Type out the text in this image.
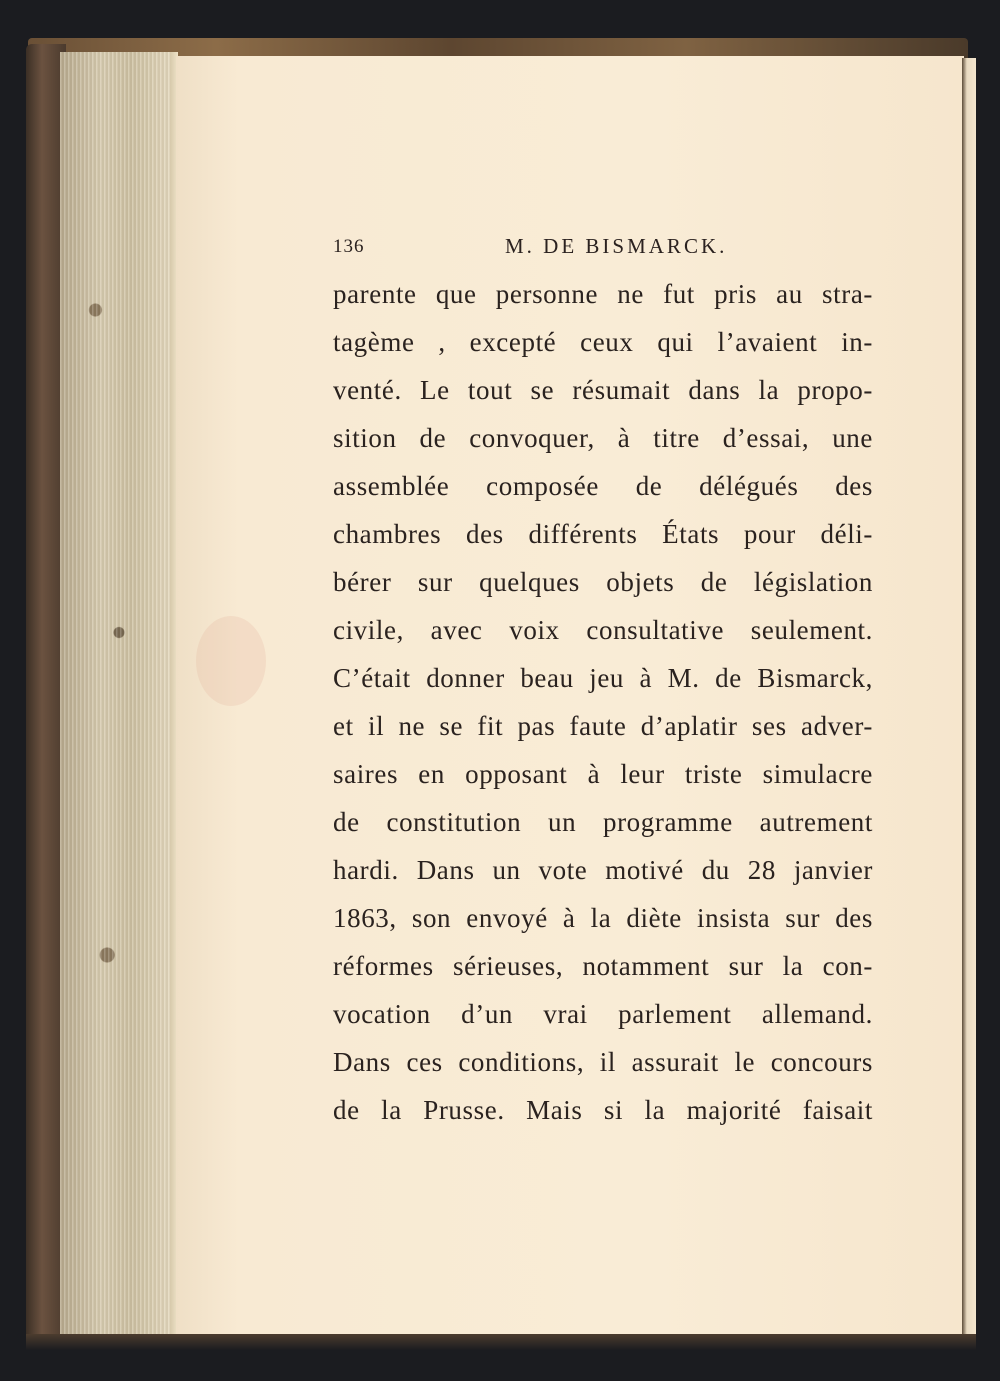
136	M. DE BISMARCK.
parente que personne ne fut pris au stra-
tagème , excepté ceux qui l’avaient in-
venté. Le tout se résumait dans la propo-
sition de convoquer, à titre d’essai, une
assemblée composée de délégués des
chambres des différents États pour déli-
bérer sur quelques objets de législation
civile, avec voix consultative seulement.
C’était donner beau jeu à M. de Bismarck,
et il ne se fit pas faute d’aplatir ses adver-
saires en opposant à leur triste simulacre
de constitution un programme autrement
hardi. Dans un vote motivé du 28 janvier
1863, son envoyé à la diète insista sur des
réformes sérieuses, notamment sur la con-
vocation d’un vrai parlement allemand.
Dans ces conditions, il assurait le concours
de la Prusse. Mais si la majorité faisait
